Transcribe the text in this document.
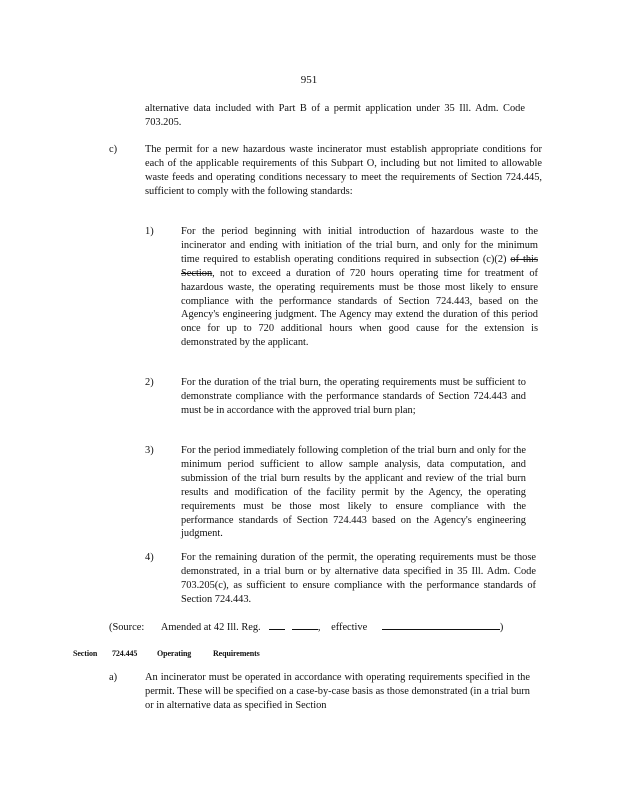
951
alternative data included with Part B of a permit application under 35 Ill. Adm. Code 703.205.
c)	The permit for a new hazardous waste incinerator must establish appropriate conditions for each of the applicable requirements of this Subpart O, including but not limited to allowable waste feeds and operating conditions necessary to meet the requirements of Section 724.445, sufficient to comply with the following standards:
1)	For the period beginning with initial introduction of hazardous waste to the incinerator and ending with initiation of the trial burn, and only for the minimum time required to establish operating conditions required in subsection (c)(2) of this Section, not to exceed a duration of 720 hours operating time for treatment of hazardous waste, the operating requirements must be those most likely to ensure compliance with the performance standards of Section 724.443, based on the Agency's engineering judgment. The Agency may extend the duration of this period once for up to 720 additional hours when good cause for the extension is demonstrated by the applicant.
2)	For the duration of the trial burn, the operating requirements must be sufficient to demonstrate compliance with the performance standards of Section 724.443 and must be in accordance with the approved trial burn plan;
3)	For the period immediately following completion of the trial burn and only for the minimum period sufficient to allow sample analysis, data computation, and submission of the trial burn results by the applicant and review of the trial burn results and modification of the facility permit by the Agency, the operating requirements must be those most likely to ensure compliance with the performance standards of Section 724.443 based on the Agency's engineering judgment.
4)	For the remaining duration of the permit, the operating requirements must be those demonstrated, in a trial burn or by alternative data specified in 35 Ill. Adm. Code 703.205(c), as sufficient to ensure compliance with the performance standards of Section 724.443.
(Source: Amended at 42 Ill. Reg.	, effective	)
Section 724.445 Operating	Requirements
a)	An incinerator must be operated in accordance with operating requirements specified in the permit. These will be specified on a case-by-case basis as those demonstrated (in a trial burn or in alternative data as specified in Section
